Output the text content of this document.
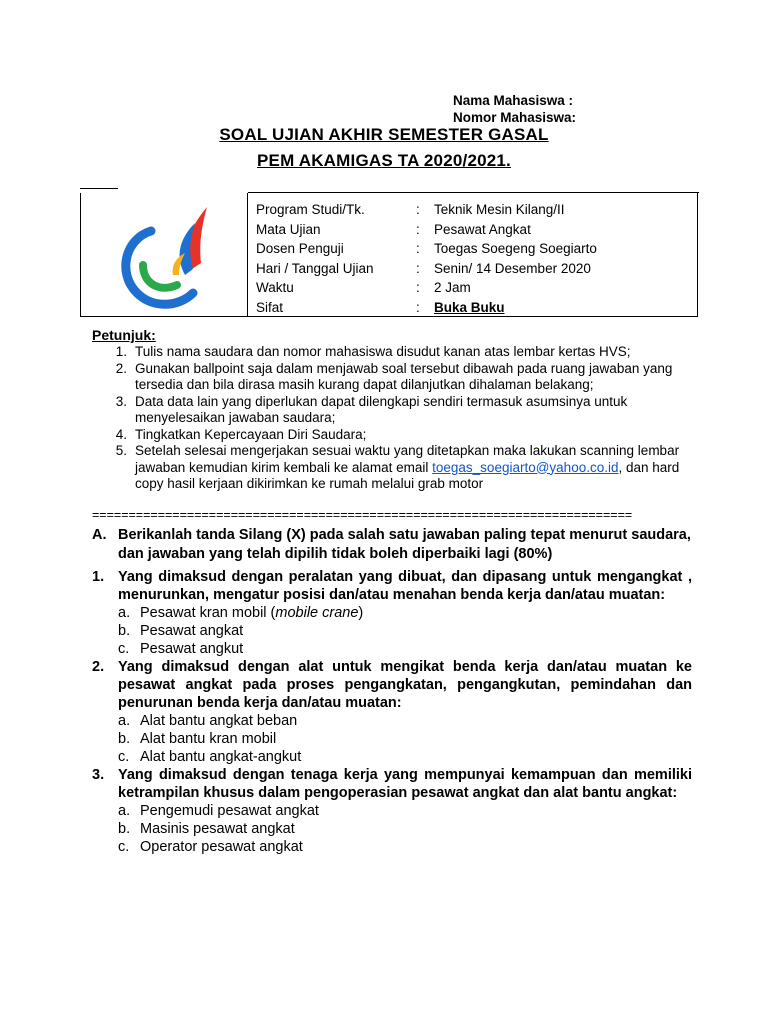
Nama Mahasiswa :
Nomor Mahasiswa:
SOAL UJIAN AKHIR SEMESTER GASAL
PEM AKAMIGAS TA 2020/2021.
Program Studi/Tk.	:	Teknik Mesin Kilang/II
Mata Ujian	:	Pesawat Angkat
Dosen Penguji	:	Toegas Soegeng Soegiarto
Hari / Tanggal Ujian	:	Senin/ 14 Desember 2020
Waktu	:	2 Jam
Sifat	:	Buka Buku
Petunjuk:
1. Tulis nama saudara dan nomor mahasiswa disudut kanan atas lembar kertas HVS;
2. Gunakan ballpoint saja dalam menjawab soal tersebut dibawah pada ruang jawaban yang tersedia dan bila dirasa masih kurang dapat dilanjutkan dihalaman belakang;
3. Data data lain yang diperlukan dapat dilengkapi sendiri termasuk asumsinya untuk menyelesaikan jawaban saudara;
4. Tingkatkan Kepercayaan Diri Saudara;
5. Setelah selesai mengerjakan sesuai waktu yang ditetapkan maka lakukan scanning lembar jawaban kemudian kirim kembali ke alamat email toegas_soegiarto@yahoo.co.id, dan hard copy hasil kerjaan dikirimkan ke rumah melalui grab motor
==========================================================================
A. Berikanlah tanda Silang (X) pada salah satu jawaban paling tepat menurut saudara, dan jawaban yang telah dipilih tidak boleh diperbaiki lagi (80%)
1. Yang dimaksud dengan peralatan yang dibuat, dan dipasang untuk mengangkat , menurunkan, mengatur posisi dan/atau menahan benda kerja dan/atau muatan:
a. Pesawat kran mobil (mobile crane)
b. Pesawat angkat
c. Pesawat angkut
2. Yang dimaksud dengan alat untuk mengikat benda kerja dan/atau muatan ke pesawat angkat pada proses pengangkatan, pengangkutan, pemindahan dan penurunan benda kerja dan/atau muatan:
a. Alat bantu angkat beban
b. Alat bantu kran mobil
c. Alat bantu angkat-angkut
3. Yang dimaksud dengan tenaga kerja yang mempunyai kemampuan dan memiliki ketrampilan khusus dalam pengoperasian pesawat angkat dan alat bantu angkat:
a. Pengemudi pesawat angkat
b. Masinis pesawat angkat
c. Operator pesawat angkat
